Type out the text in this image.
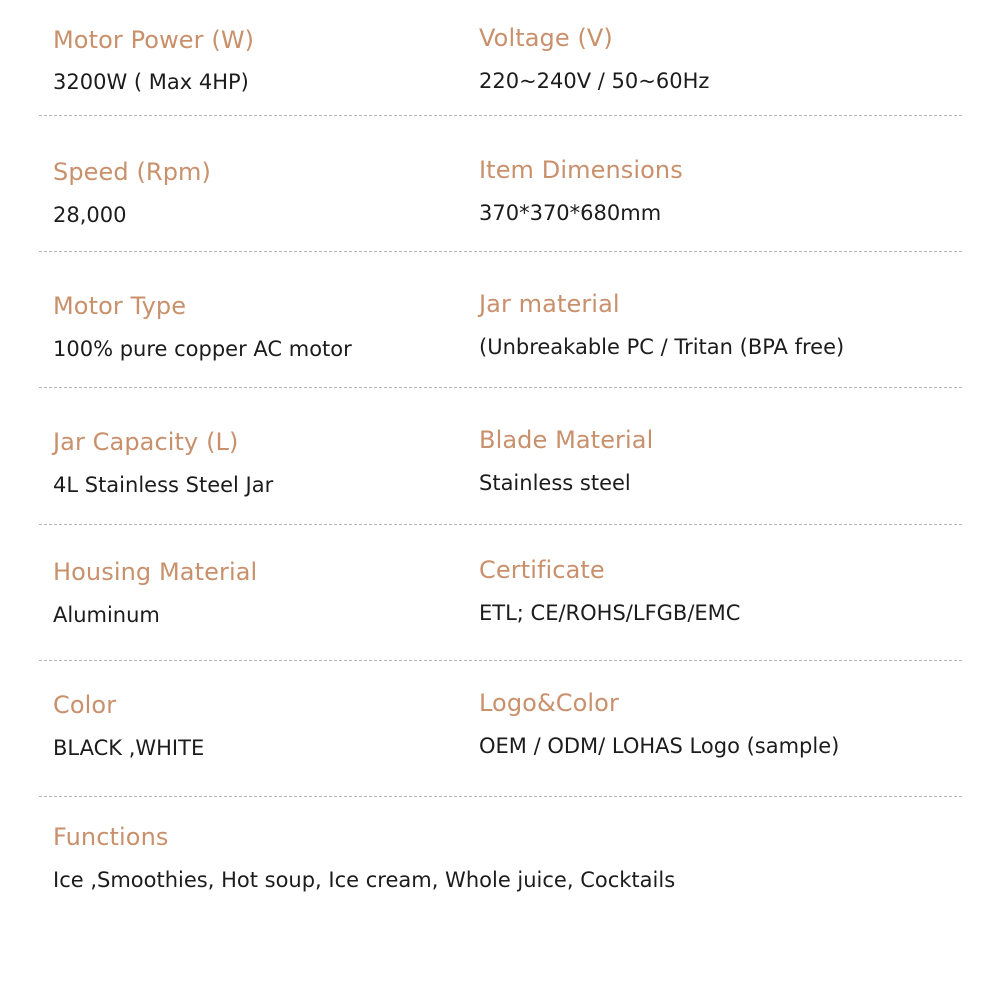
Motor Power (W)
3200W ( Max 4HP)
Voltage (V)
220~240V / 50~60Hz
Speed (Rpm)
28,000
Item Dimensions
370*370*680mm
Motor Type
100% pure copper AC motor
Jar material
(Unbreakable PC / Tritan (BPA free)
Jar Capacity (L)
4L Stainless Steel Jar
Blade Material
Stainless steel
Housing Material
Aluminum
Certificate
ETL; CE/ROHS/LFGB/EMC
Color
BLACK ,WHITE
Logo&Color
OEM / ODM/ LOHAS Logo (sample)
Functions
Ice ,Smoothies, Hot soup, Ice cream, Whole juice, Cocktails
